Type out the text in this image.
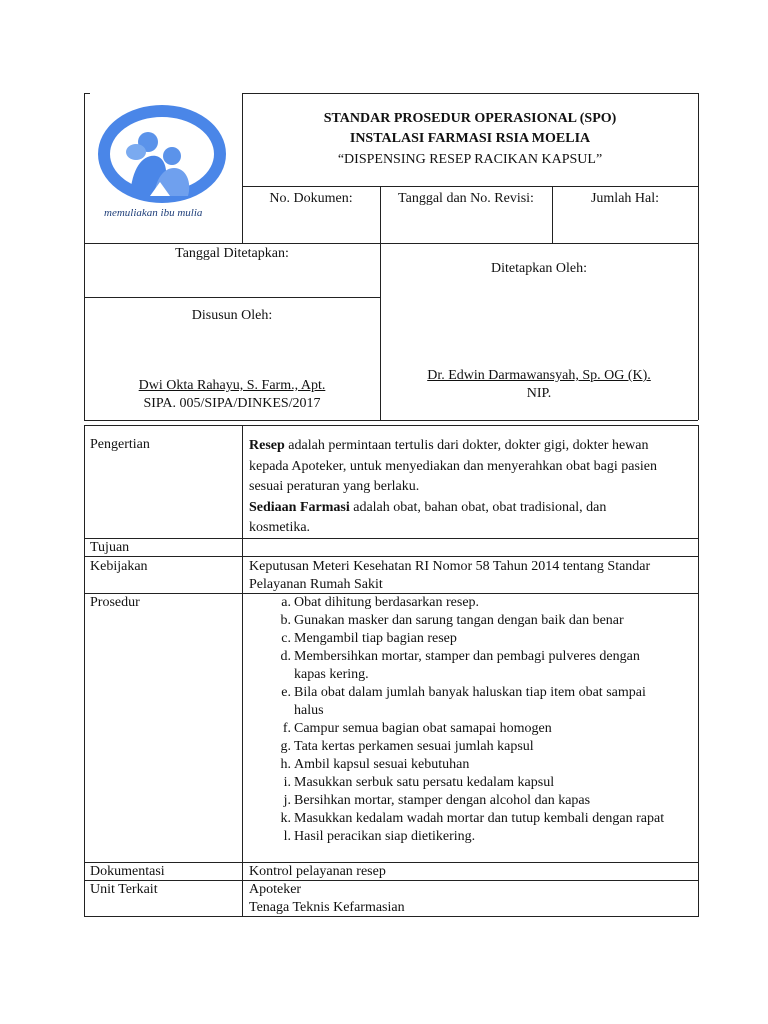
memuliakan ibu mulia
STANDAR PROSEDUR OPERASIONAL (SPO)
INSTALASI FARMASI RSIA MOELIA
“DISPENSING RESEP RACIKAN KAPSUL”
No. Dokumen:	Tanggal dan No. Revisi:	Jumlah Hal:
Tanggal Ditetapkan:
Ditetapkan Oleh:
Disusun Oleh:
Dwi Okta Rahayu, S. Farm., Apt.
SIPA. 005/SIPA/DINKES/2017
Dr. Edwin Darmawansyah, Sp. OG (K).
NIP.
Pengertian	Resep adalah permintaan tertulis dari dokter, dokter gigi, dokter hewan
kepada Apoteker, untuk menyediakan dan menyerahkan obat bagi pasien
sesuai peraturan yang berlaku.
Sediaan Farmasi adalah obat, bahan obat, obat tradisional, dan
kosmetika.
Tujuan
Kebijakan	Keputusan Meteri Kesehatan RI Nomor 58 Tahun 2014 tentang Standar
Pelayanan Rumah Sakit
Prosedur	a. Obat dihitung berdasarkan resep.
b. Gunakan masker dan sarung tangan dengan baik dan benar
c. Mengambil tiap bagian resep
d. Membersihkan mortar, stamper dan pembagi pulveres dengan kapas kering.
e. Bila obat dalam jumlah banyak haluskan tiap item obat sampai halus
f. Campur semua bagian obat samapai homogen
g. Tata kertas perkamen sesuai jumlah kapsul
h. Ambil kapsul sesuai kebutuhan
i. Masukkan serbuk satu persatu kedalam kapsul
j. Bersihkan mortar, stamper dengan alcohol dan kapas
k. Masukkan kedalam wadah mortar dan tutup kembali dengan rapat
l. Hasil peracikan siap dietikering.
Dokumentasi	Kontrol pelayanan resep
Unit Terkait	Apoteker
Tenaga Teknis Kefarmasian
